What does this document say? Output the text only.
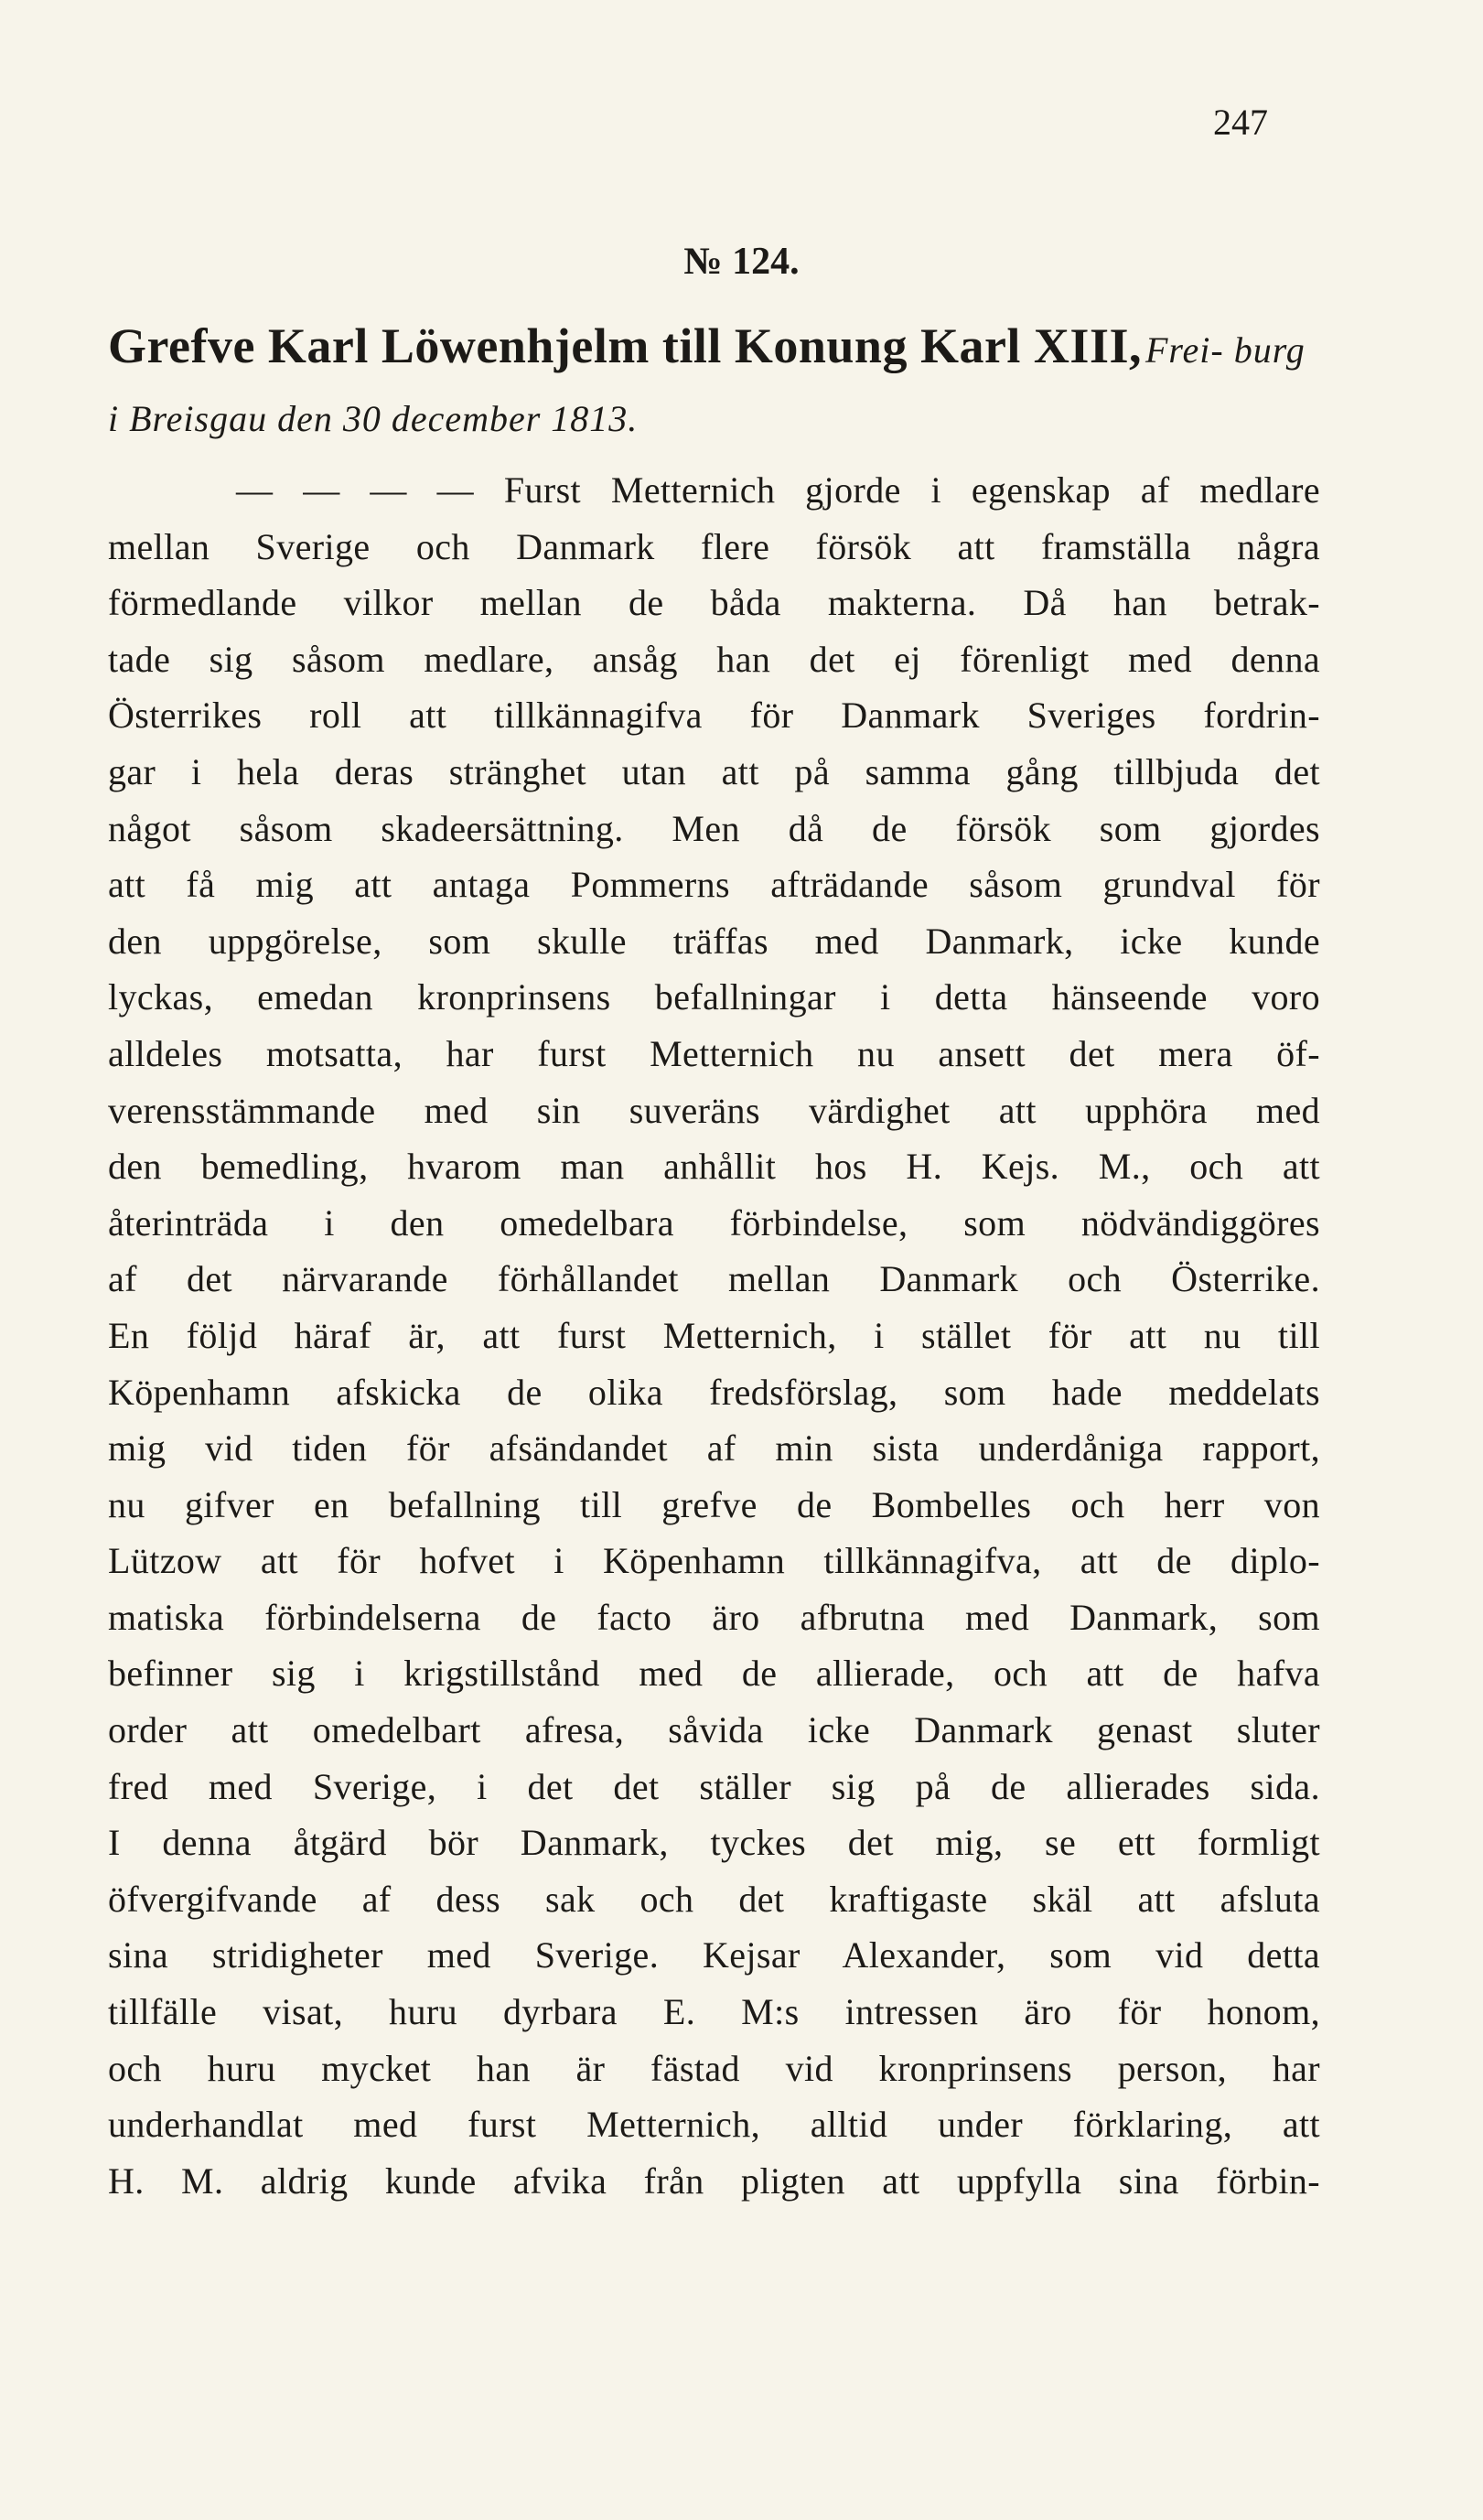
247
№ 124.
Grefve Karl Löwenhjelm till Konung Karl XIII, Frei- burg i Breisgau den 30 december 1813.
— — — — Furst Metternich gjorde i egenskap af medlare
mellan Sverige och Danmark flere försök att framställa några
förmedlande vilkor mellan de båda makterna. Då han betrak-
tade sig såsom medlare, ansåg han det ej förenligt med denna
Österrikes roll att tillkännagifva för Danmark Sveriges fordrin-
gar i hela deras stränghet utan att på samma gång tillbjuda det
något såsom skadeersättning. Men då de försök som gjordes
att få mig att antaga Pommerns afträdande såsom grundval för
den uppgörelse, som skulle träffas med Danmark, icke kunde
lyckas, emedan kronprinsens befallningar i detta hänseende voro
alldeles motsatta, har furst Metternich nu ansett det mera öf-
verensstämmande med sin suveräns värdighet att upphöra med
den bemedling, hvarom man anhållit hos H. Kejs. M., och att
återinträda i den omedelbara förbindelse, som nödvändiggöres
af det närvarande förhållandet mellan Danmark och Österrike.
En följd häraf är, att furst Metternich, i stället för att nu till
Köpenhamn afskicka de olika fredsförslag, som hade meddelats
mig vid tiden för afsändandet af min sista underdåniga rapport,
nu gifver en befallning till grefve de Bombelles och herr von
Lützow att för hofvet i Köpenhamn tillkännagifva, att de diplo-
matiska förbindelserna de facto äro afbrutna med Danmark, som
befinner sig i krigstillstånd med de allierade, och att de hafva
order att omedelbart afresa, såvida icke Danmark genast sluter
fred med Sverige, i det det ställer sig på de allierades sida.
I denna åtgärd bör Danmark, tyckes det mig, se ett formligt
öfvergifvande af dess sak och det kraftigaste skäl att afsluta
sina stridigheter med Sverige. Kejsar Alexander, som vid detta
tillfälle visat, huru dyrbara E. M:s intressen äro för honom,
och huru mycket han är fästad vid kronprinsens person, har
underhandlat med furst Metternich, alltid under förklaring, att
H. M. aldrig kunde afvika från pligten att uppfylla sina förbin-
